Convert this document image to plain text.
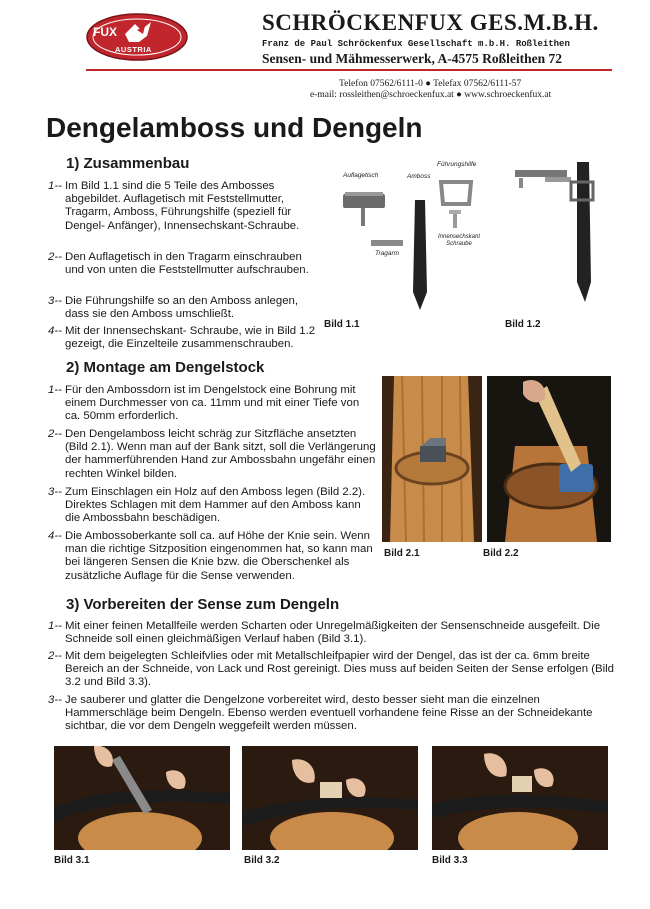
FUX
AUSTRIA
SCHRÖCKENFUX GES.M.B.H.
Franz de Paul Schröckenfux Gesellschaft m.b.H. Roßleithen
Sensen- und Mähmesserwerk, A-4575 Roßleithen 72
Telefon 07562/6111-0 ● Telefax 07562/6111-57
e-mail: rossleithen@schroeckenfux.at ● www.schroeckenfux.at
Dengelamboss und Dengeln
1) Zusammenbau
1-- Im Bild 1.1 sind die 5 Teile des Ambosses abgebildet. Auflagetisch mit Feststellmutter, Tragarm, Amboss, Führungshilfe (speziell für Dengel- Anfänger), Innensechskant-Schraube.
2-- Den Auflagetisch in den Tragarm einschrauben und von unten die Feststellmutter aufschrauben.
3-- Die Führungshilfe so an den Amboss anlegen, dass sie den Amboss umschließt.
4-- Mit der Innensechskant- Schraube, wie in Bild 1.2 gezeigt, die Einzelteile zusammenschrauben.
Auflagetisch	Amboss
Führungshilfe
Tragarm
Innensechskant Schraube
Bild 1.1	Bild 1.2
2) Montage am Dengelstock
1-- Für den Ambossdorn ist im Dengelstock eine Bohrung mit einem Durchmesser von ca. 11mm und mit einer Tiefe von ca. 50mm erforderlich.
2-- Den Dengelamboss leicht schräg zur Sitzfläche ansetzten (Bild 2.1). Wenn man auf der Bank sitzt, soll die Verlängerung der hammerführenden Hand zur Ambossbahn ungefähr einen rechten Winkel bilden.
3-- Zum Einschlagen ein Holz auf den Amboss legen (Bild 2.2). Direktes Schlagen mit dem Hammer auf den Amboss kann die Ambossbahn beschädigen.
4-- Die Ambossoberkante soll ca. auf Höhe der Knie sein. Wenn man die richtige Sitzposition eingenommen hat, so kann man bei längeren Sensen die Knie bzw. die Oberschenkel als zusätzliche Auflage für die Sense verwenden.
Bild 2.1	Bild 2.2
3) Vorbereiten der Sense zum Dengeln
1-- Mit einer feinen Metallfeile werden Scharten oder Unregelmäßigkeiten der Sensenschneide ausgefeilt. Die Schneide soll einen gleichmäßigen Verlauf haben (Bild 3.1).
2-- Mit dem beigelegten Schleifvlies oder mit Metallschleifpapier wird der Dengel, das ist der ca. 6mm breite Bereich an der Schneide, von Lack und Rost gereinigt. Dies muss auf beiden Seiten der Sense erfolgen (Bild 3.2 und Bild 3.3).
3-- Je sauberer und glatter die Dengelzone vorbereitet wird, desto besser sieht man die einzelnen Hammerschläge beim Dengeln. Ebenso werden eventuell vorhandene feine Risse an der Schneidekante sichtbar, die vor dem Dengeln weggefeilt werden müssen.
Bild 3.1	Bild 3.2	Bild 3.3
